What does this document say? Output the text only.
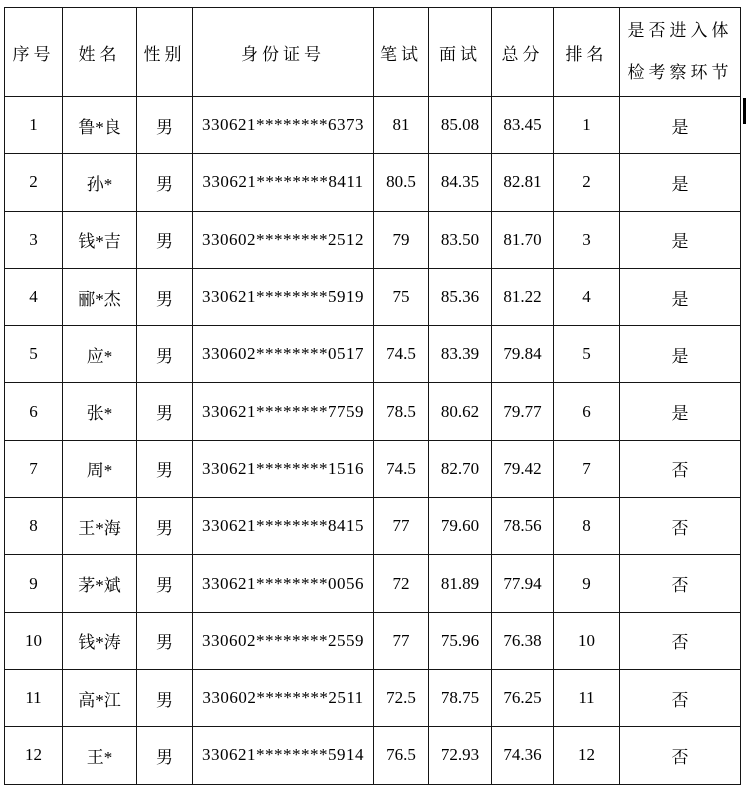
序号	姓名	性别	身份证号	笔试	面试	总分	排名	是否进入体检考察环节
1	鲁*良	男	330621********6373	81	85.08	83.45	1	是
2	孙*	男	330621********8411	80.5	84.35	82.81	2	是
3	钱*吉	男	330602********2512	79	83.50	81.70	3	是
4	郦*杰	男	330621********5919	75	85.36	81.22	4	是
5	应*	男	330602********0517	74.5	83.39	79.84	5	是
6	张*	男	330621********7759	78.5	80.62	79.77	6	是
7	周*	男	330621********1516	74.5	82.70	79.42	7	否
8	王*海	男	330621********8415	77	79.60	78.56	8	否
9	茅*斌	男	330621********0056	72	81.89	77.94	9	否
10	钱*涛	男	330602********2559	77	75.96	76.38	10	否
11	高*江	男	330602********2511	72.5	78.75	76.25	11	否
12	王*	男	330621********5914	76.5	72.93	74.36	12	否
